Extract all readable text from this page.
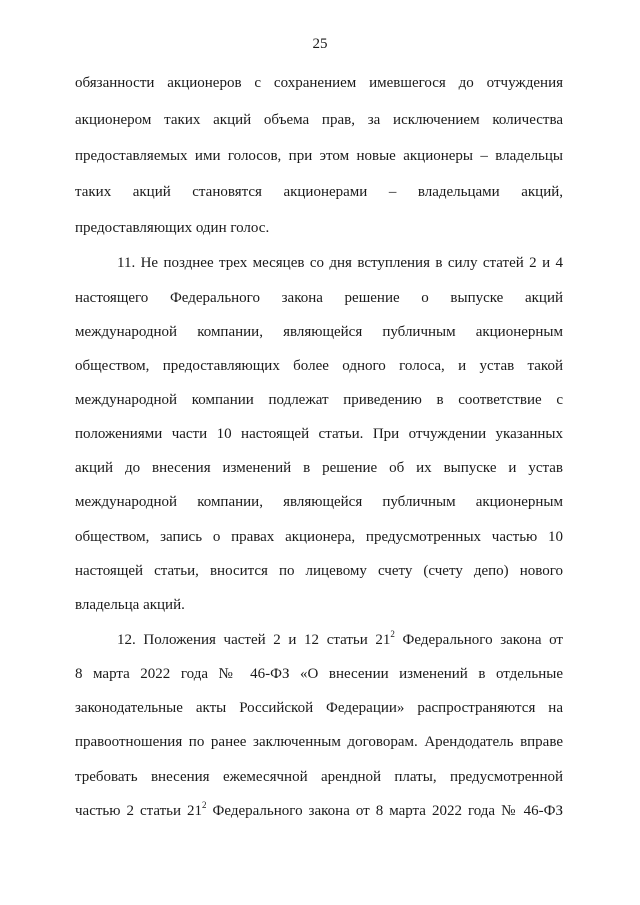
25
обязанности акционеров с сохранением имевшегося до отчуждения
акционером таких акций объема прав, за исключением количества
предоставляемых ими голосов, при этом новые акционеры – владельцы
таких акций становятся акционерами – владельцами акций,
предоставляющих один голос.
11. Не позднее трех месяцев со дня вступления в силу статей 2 и 4
настоящего Федерального закона решение о выпуске акций
международной компании, являющейся публичным акционерным
обществом, предоставляющих более одного голоса, и устав такой
международной компании подлежат приведению в соответствие с
положениями части 10 настоящей статьи. При отчуждении указанных
акций до внесения изменений в решение об их выпуске и устав
международной компании, являющейся публичным акционерным
обществом, запись о правах акционера, предусмотренных частью 10
настоящей статьи, вносится по лицевому счету (счету депо) нового
владельца акций.
12. Положения частей 2 и 12 статьи $21^2$ Федерального закона от
8 марта 2022 года № 46-ФЗ «О внесении изменений в отдельные
законодательные акты Российской Федерации» распространяются на
правоотношения по ранее заключенным договорам. Арендодатель вправе
требовать внесения ежемесячной арендной платы, предусмотренной
частью 2 статьи $21^2$ Федерального закона от 8 марта 2022 года № 46-ФЗ
